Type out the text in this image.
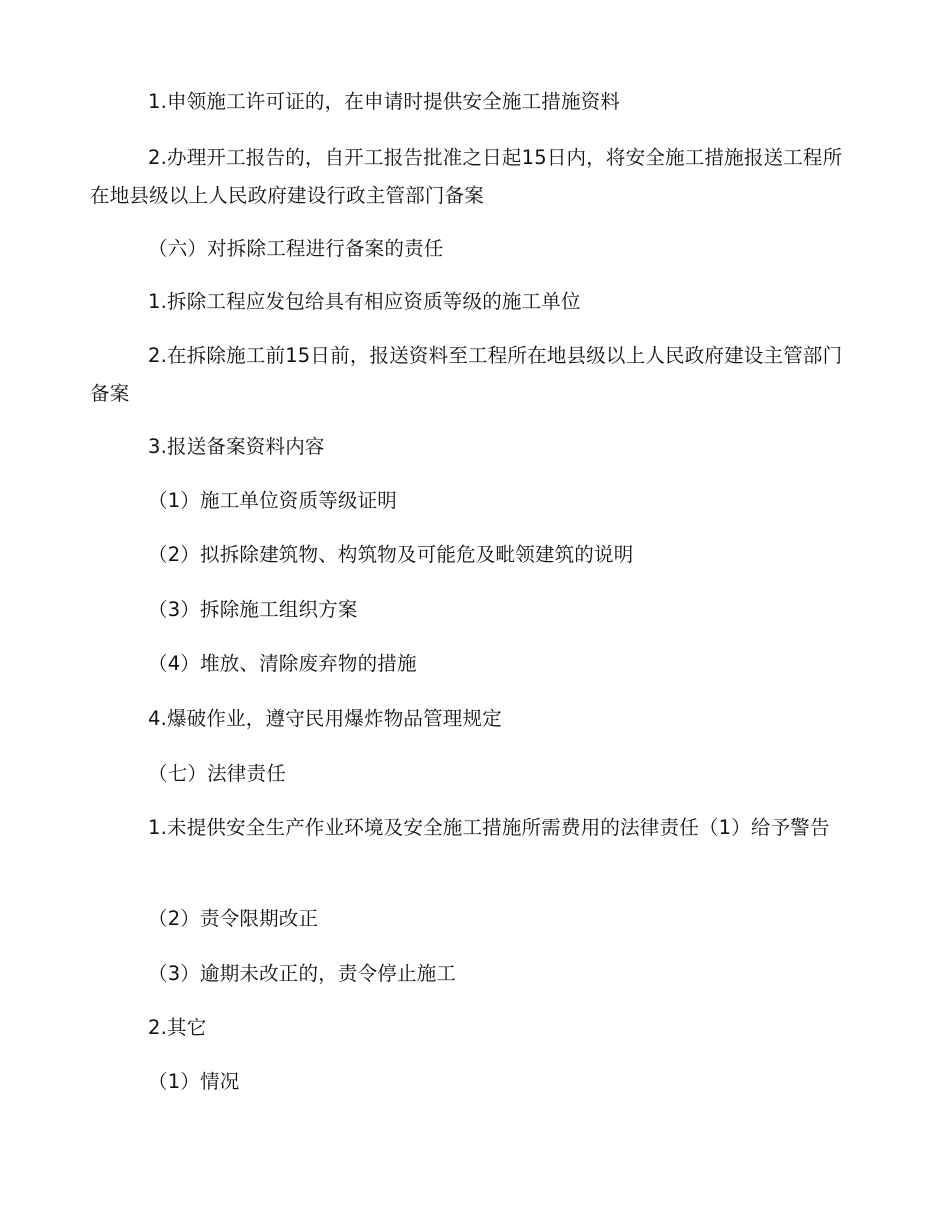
1.申领施工许可证的，在申请时提供安全施工措施资料

2.办理开工报告的，自开工报告批准之日起15日内，将安全施工措施报送工程所在地县级以上人民政府建设行政主管部门备案

（六）对拆除工程进行备案的责任

1.拆除工程应发包给具有相应资质等级的施工单位

2.在拆除施工前15日前，报送资料至工程所在地县级以上人民政府建设主管部门备案

3.报送备案资料内容

（1）施工单位资质等级证明

（2）拟拆除建筑物、构筑物及可能危及毗领建筑的说明

（3）拆除施工组织方案

（4）堆放、清除废弃物的措施

4.爆破作业，遵守民用爆炸物品管理规定

（七）法律责任

1.未提供安全生产作业环境及安全施工措施所需费用的法律责任（1）给予警告

（2）责令限期改正

（3）逾期未改正的，责令停止施工

2.其它

（1）情况
